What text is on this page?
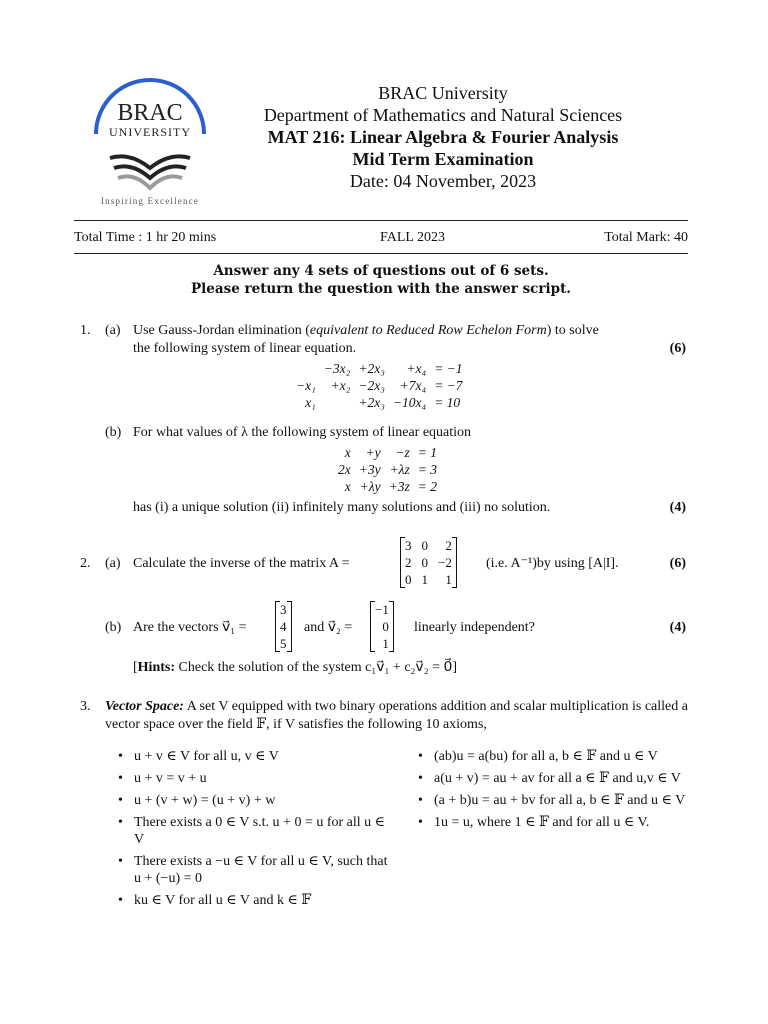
BRAC
UNIVERSITY
Inspiring Excellence
BRAC University
Department of Mathematics and Natural Sciences
MAT 216: Linear Algebra & Fourier Analysis
Mid Term Examination
Date: 04 November, 2023
Total Time : 1 hr 20 mins	FALL 2023	Total Mark: 40
Answer any 4 sets of questions out of 6 sets.
Please return the question with the answer script.
1. (a) Use Gauss-Jordan elimination (equivalent to Reduced Row Echelon Form) to solve
the following system of linear equation.	(6)
	−3x₂	+2x₃	+x₄	= −1
−x₁	+x₂	−2x₃	+7x₄	= −7
x₁		+2x₃	−10x₄	= 10
(b) For what values of λ the following system of linear equation
x	+y	−z	= 1
2x	+3y	+λz	= 3
x	+λy	+3z	= 2
has (i) a unique solution (ii) infinitely many solutions and (iii) no solution.	(4)
2. (a) Calculate the inverse of the matrix A =
3	0	2
2	0	−2
0	1	1
(i.e. A⁻¹)by using [A|I].	(6)
(b) Are the vectors v⃗₁ =
3
4
5
and v⃗₂ =
−1
0
1
linearly independent?	(4)
[Hints: Check the solution of the system c₁v⃗₁ + c₂v⃗₂ = 0⃗]
3. Vector Space: A set V equipped with two binary operations addition and scalar multiplication is called a vector space over the field 𝔽, if V satisfies the following 10 axioms,
• u + v ∈ V for all u, v ∈ V
• u + v = v + u
• u + (v + w) = (u + v) + w
• There exists a 0 ∈ V s.t. u + 0 = u for all u ∈ V
• There exists a −u ∈ V for all u ∈ V, such that u + (−u) = 0
• ku ∈ V for all u ∈ V and k ∈ 𝔽
• (ab)u = a(bu) for all a, b ∈ 𝔽 and u ∈ V
• a(u + v) = au + av for all a ∈ 𝔽 and u,v ∈ V
• (a + b)u = au + bv for all a, b ∈ 𝔽 and u ∈ V
• 1u = u, where 1 ∈ 𝔽 and for all u ∈ V.
